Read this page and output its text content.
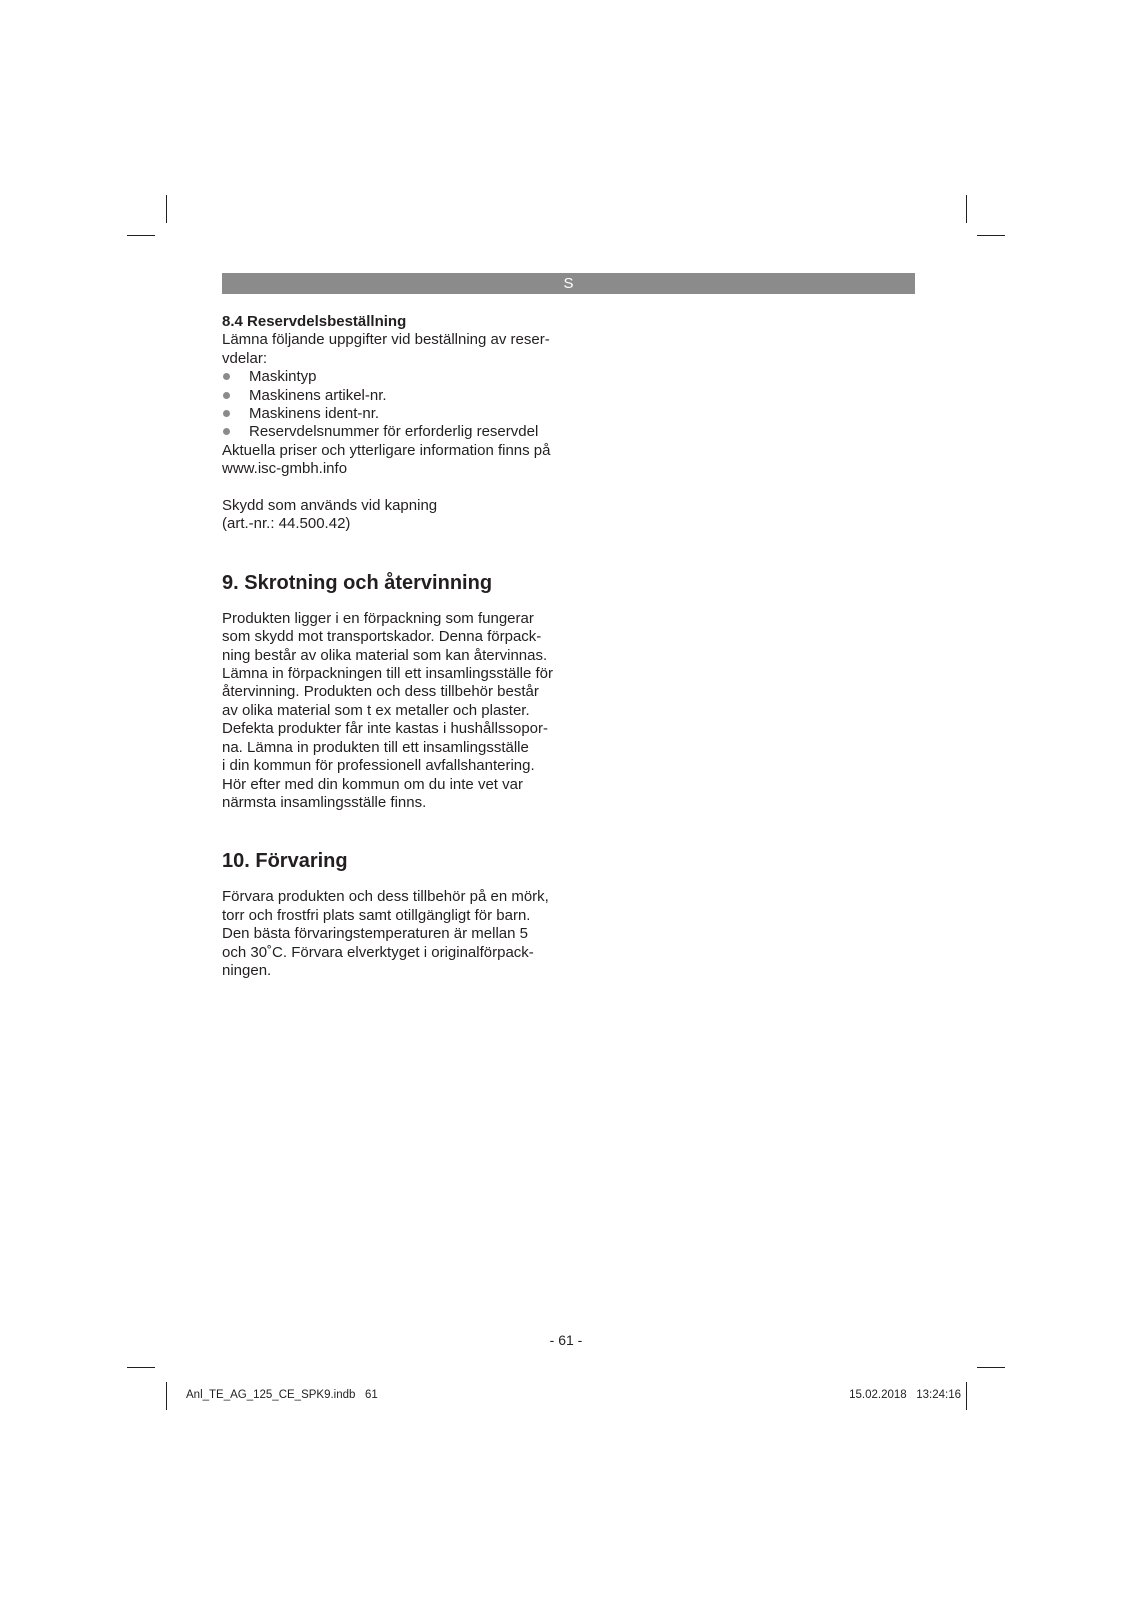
S

8.4 Reservdelsbeställning

Lämna följande uppgifter vid beställning av reser-

vdelar:

Maskintyp
Maskinens artikel-nr.
Maskinens ident-nr.
Reservdelsnummer för erforderlig reservdel

Aktuella priser och ytterligare information finns på

www.isc-gmbh.info

Skydd som används vid kapning

(art.-nr.: 44.500.42)

9. Skrotning och återvinning

Produkten ligger i en förpackning som fungerar

som skydd mot transportskador. Denna förpack-

ning består av olika material som kan återvinnas.

Lämna in förpackningen till ett insamlingsställe för

återvinning. Produkten och dess tillbehör består

av olika material som t ex metaller och plaster.

Defekta produkter får inte kastas i hushållssopor-

na. Lämna in produkten till ett insamlingsställe

i din kommun för professionell avfallshantering.

Hör efter med din kommun om du inte vet var

närmsta insamlingsställe finns.

10. Förvaring

Förvara produkten och dess tillbehör på en mörk,

torr och frostfri plats samt otillgängligt för barn.

Den bästa förvaringstemperaturen är mellan 5

och 30˚C. Förvara elverktyget i originalförpack-

ningen.

- 61 -
Anl_TE_AG_125_CE_SPK9.indb   61	15.02.2018   13:24:16
